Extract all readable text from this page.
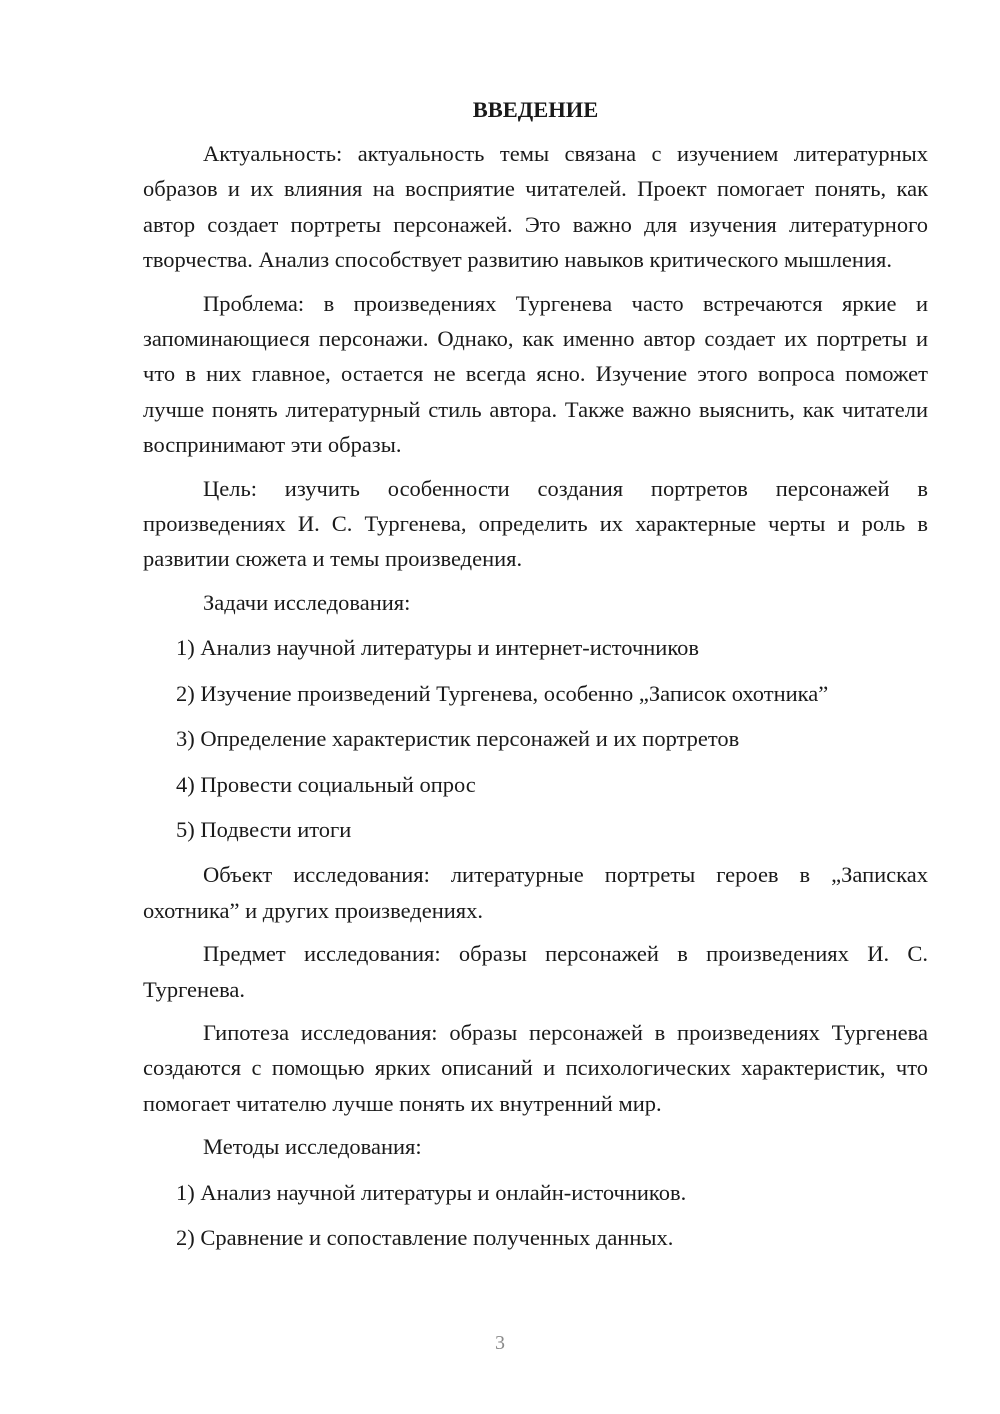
ВВЕДЕНИЕ

Актуальность: актуальность темы связана с изучением литературных образов и их влияния на восприятие читателей. Проект помогает понять, как автор создает портреты персонажей. Это важно для изучения литературного творчества. Анализ способствует развитию навыков критического мышления.

Проблема: в произведениях Тургенева часто встречаются яркие и запоминающиеся персонажи. Однако, как именно автор создает их портреты и что в них главное, остается не всегда ясно. Изучение этого вопроса поможет лучше понять литературный стиль автора. Также важно выяснить, как читатели воспринимают эти образы.

Цель: изучить особенности создания портретов персонажей в произведениях И. С. Тургенева, определить их характерные черты и роль в развитии сюжета и темы произведения.

Задачи исследования:

1) Анализ научной литературы и интернет-источников
2) Изучение произведений Тургенева, особенно „Записок охотника”
3) Определение характеристик персонажей и их портретов
4) Провести социальный опрос
5) Подвести итоги

Объект исследования: литературные портреты героев в „Записках охотника” и других произведениях.

Предмет исследования: образы персонажей в произведениях И. С. Тургенева.

Гипотеза исследования: образы персонажей в произведениях Тургенева создаются с помощью ярких описаний и психологических характеристик, что помогает читателю лучше понять их внутренний мир.

Методы исследования:

1) Анализ научной литературы и онлайн-источников.
2) Сравнение и сопоставление полученных данных.
3
